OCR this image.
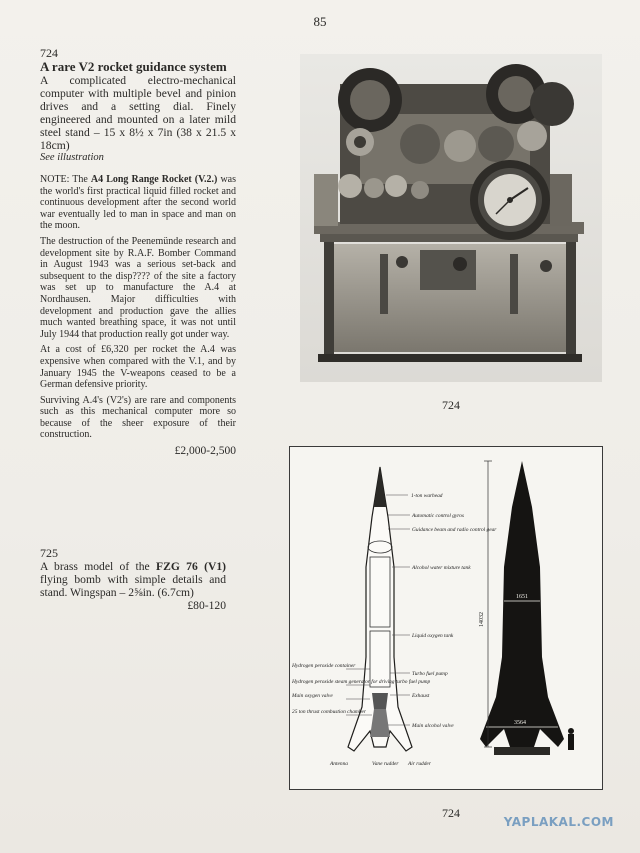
85
724
A rare V2 rocket guidance system
A complicated electro-mechanical computer with multiple bevel and pinion drives and a setting dial. Finely engineered and mounted on a later mild steel stand – 15 x 8½ x 7in (38 x 21.5 x 18cm)
See illustration

NOTE: The A4 Long Range Rocket (V.2.) was the world's first practical liquid filled rocket and continuous development after the second world war eventually led to man in space and man on the moon.

The destruction of the Peenemünde research and development site by R.A.F. Bomber Command in August 1943 was a serious set-back and subsequent to the disp???? of the site a factory was set up to manufacture the A.4 at Nordhausen. Major difficulties with development and production gave the allies much wanted breathing space, it was not until July 1944 that production really got under way.

At a cost of £6,320 per rocket the A.4 was expensive when compared with the V.1, and by January 1945 the V-weapons ceased to be a German defensive priority.

Surviving A.4's (V2's) are rare and components such as this mechanical computer more so because of the sheer exposure of their construction.

£2,000-2,500
724
725
A brass model of the FZG 76 (V1) flying bomb with simple details and stand. Wingspan – 2⅝in. (6.7cm)
£80-120
1-ton warhead
Automatic control gyros
Guidance beam and radio control gear
Alcohol water mixture tank
Liquid oxygen tank
Turbo fuel pump
Exhaust
Main alcohol valve
Hydrogen peroxide container
Hydrogen peroxide steam generator for driving turbo fuel pump
Main oxygen valve
25 ton thrust combustion chamber
Antenna	Vane rudder Air rudder
1651
3564
14032
724
YAPLAKAL.COM
